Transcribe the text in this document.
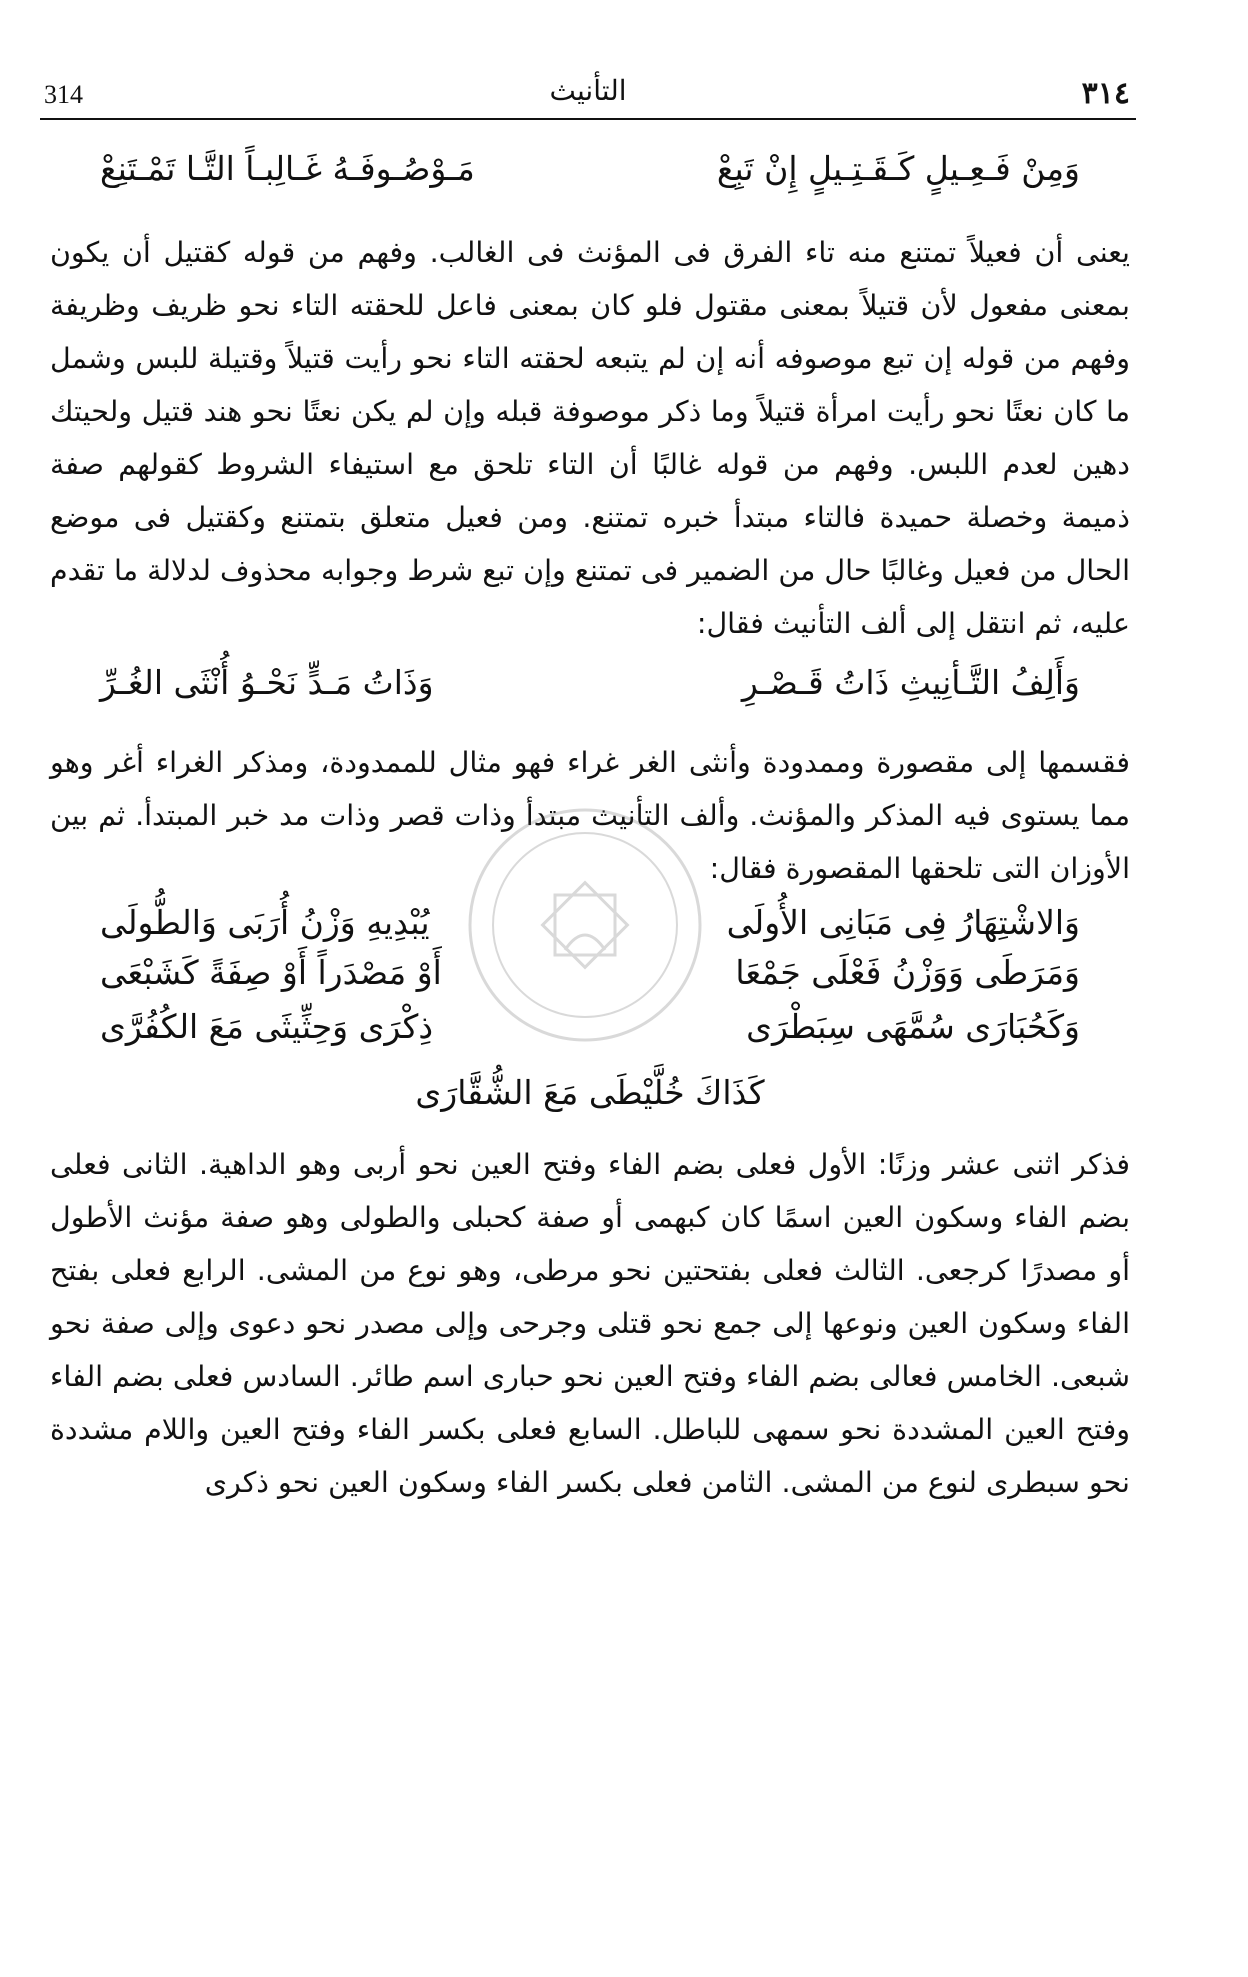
314	التأنيث	٣١٤
وَمِنْ فَـعِـيلٍ كَـقَـتِـيلٍ إِنْ تَبِعْ
مَـوْصُـوفَـهُ غَـالِبـاً التَّـا تَمْـتَنِعْ
يعنى أن فعيلاً تمتنع منه تاء الفرق فى المؤنث فى الغالب. وفهم من قوله كقتيل أن يكون بمعنى مفعول لأن قتيلاً بمعنى مقتول فلو كان بمعنى فاعل للحقته التاء نحو ظريف وظريفة وفهم من قوله إن تبع موصوفه أنه إن لم يتبعه لحقته التاء نحو رأيت قتيلاً وقتيلة للبس وشمل ما كان نعتًا نحو رأيت امرأة قتيلاً وما ذكر موصوفة قبله وإن لم يكن نعتًا نحو هند قتيل ولحيتك دهين لعدم اللبس. وفهم من قوله غالبًا أن التاء تلحق مع استيفاء الشروط كقولهم صفة ذميمة وخصلة حميدة فالتاء مبتدأ خبره تمتنع. ومن فعيل متعلق بتمتنع وكقتيل فى موضع الحال من فعيل وغالبًا حال من الضمير فى تمتنع وإن تبع شرط وجوابه محذوف لدلالة ما تقدم عليه، ثم انتقل إلى ألف التأنيث فقال:
وَأَلِفُ التَّـأنِيثِ ذَاتُ قَـصْـرِ
وَذَاتُ مَـدٍّ نَحْـوُ أُنْثَى الغُـرِّ
فقسمها إلى مقصورة وممدودة وأنثى الغر غراء فهو مثال للممدودة، ومذكر الغراء أغر وهو مما يستوى فيه المذكر والمؤنث. وألف التأنيث مبتدأ وذات قصر وذات مد خبر المبتدأ. ثم بين الأوزان التى تلحقها المقصورة فقال:
وَالاشْتِهَارُ فِى مَبَانِى الأُولَى
يُبْدِيهِ وَزْنُ أُرَبَى وَالطُّولَى
وَمَرَطَى وَوَزْنُ فَعْلَى جَمْعَا
أَوْ مَصْدَراً أَوْ صِفَةً كَشَبْعَى
وَكَحُبَارَى سُمَّهَى سِبَطْرَى
ذِكْرَى وَحِثِّيثَى مَعَ الكُفُرَّى
كَذَاكَ خُلَّيْطَى مَعَ الشُّقَّارَى
فذكر اثنى عشر وزنًا: الأول فعلى بضم الفاء وفتح العين نحو أربى وهو الداهية. الثانى فعلى بضم الفاء وسكون العين اسمًا كان كبهمى أو صفة كحبلى والطولى وهو صفة مؤنث الأطول أو مصدرًا كرجعى. الثالث فعلى بفتحتين نحو مرطى، وهو نوع من المشى. الرابع فعلى بفتح الفاء وسكون العين ونوعها إلى جمع نحو قتلى وجرحى وإلى مصدر نحو دعوى وإلى صفة نحو شبعى. الخامس فعالى بضم الفاء وفتح العين نحو حبارى اسم طائر. السادس فعلى بضم الفاء وفتح العين المشددة نحو سمهى للباطل. السابع فعلى بكسر الفاء وفتح العين واللام مشددة نحو سبطرى لنوع من المشى. الثامن فعلى بكسر الفاء وسكون العين نحو ذكرى
